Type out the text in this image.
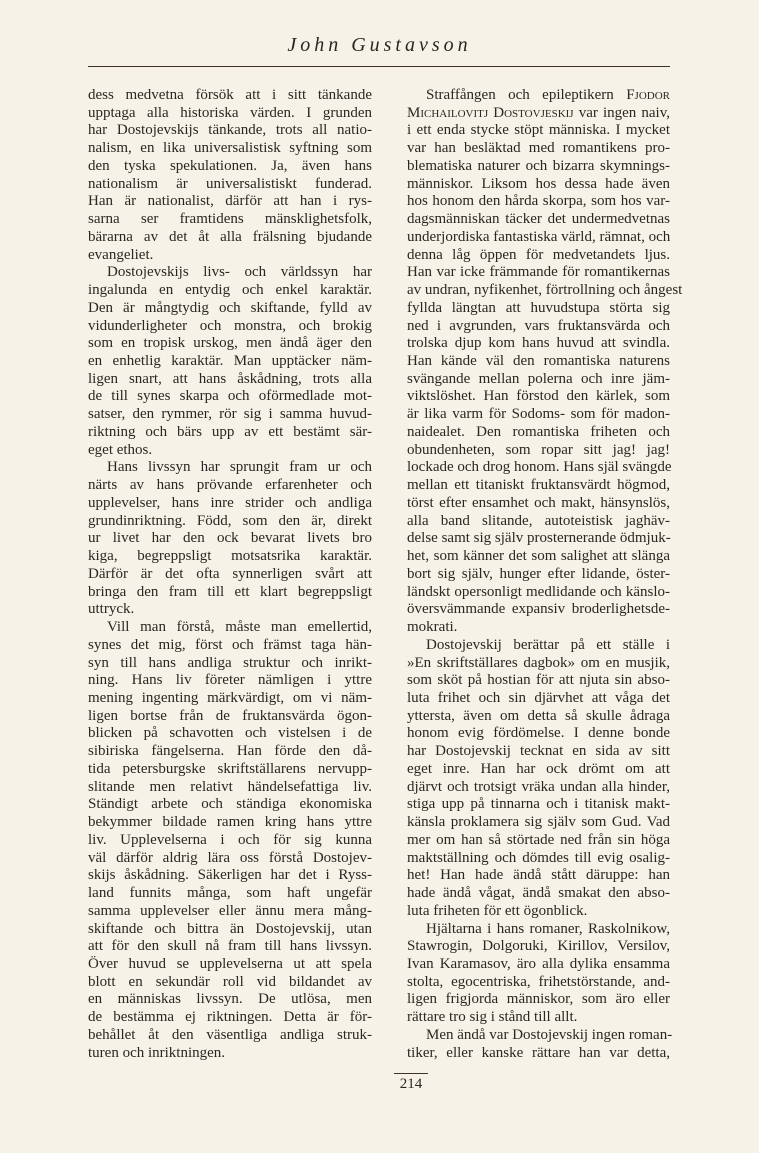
John Gustavson
dess medvetna försök att i sitt tänkande
upptaga alla historiska värden. I grunden
har Dostojevskijs tänkande, trots all natio-
nalism, en lika universalistisk syftning som
den tyska spekulationen. Ja, även hans
nationalism är universalistiskt funderad.
Han är nationalist, därför att han i rys-
sarna ser framtidens mänsklighetsfolk,
bärarna av det åt alla frälsning bjudande
evangeliet.
Dostojevskijs livs- och världssyn har
ingalunda en entydig och enkel karaktär.
Den är mångtydig och skiftande, fylld av
vidunderligheter och monstra, och brokig
som en tropisk urskog, men ändå äger den
en enhetlig karaktär. Man upptäcker näm-
ligen snart, att hans åskådning, trots alla
de till synes skarpa och oförmedlade mot-
satser, den rymmer, rör sig i samma huvud-
riktning och bärs upp av ett bestämt sär-
eget ethos.
Hans livssyn har sprungit fram ur och
närts av hans prövande erfarenheter och
upplevelser, hans inre strider och andliga
grundinriktning. Född, som den är, direkt
ur livet har den ock bevarat livets bro
kiga, begreppsligt motsatsrika karaktär.
Därför är det ofta synnerligen svårt att
bringa den fram till ett klart begreppsligt
uttryck.
Vill man förstå, måste man emellertid,
synes det mig, först och främst taga hän-
syn till hans andliga struktur och inrikt-
ning. Hans liv företer nämligen i yttre
mening ingenting märkvärdigt, om vi näm-
ligen bortse från de fruktansvärda ögon-
blicken på schavotten och vistelsen i de
sibiriska fängelserna. Han förde den då-
tida petersburgske skriftställarens nervupp-
slitande men relativt händelsefattiga liv.
Ständigt arbete och ständiga ekonomiska
bekymmer bildade ramen kring hans yttre
liv. Upplevelserna i och för sig kunna
väl därför aldrig lära oss förstå Dostojev-
skijs åskådning. Säkerligen har det i Ryss-
land funnits många, som haft ungefär
samma upplevelser eller ännu mera mång-
skiftande och bittra än Dostojevskij, utan
att för den skull nå fram till hans livssyn.
Över huvud se upplevelserna ut att spela
blott en sekundär roll vid bildandet av
en människas livssyn. De utlösa, men
de bestämma ej riktningen. Detta är för-
behållet åt den väsentliga andliga struk-
turen och inriktningen.
Straffången och epileptikern Fjodor
Michailovitj Dostovjeskij var ingen naiv,
i ett enda stycke stöpt människa. I mycket
var han besläktad med romantikens pro-
blematiska naturer och bizarra skymnings-
människor. Liksom hos dessa hade även
hos honom den hårda skorpa, som hos var-
dagsmänniskan täcker det undermedvetnas
underjordiska fantastiska värld, rämnat, och
denna låg öppen för medvetandets ljus.
Han var icke främmande för romantikernas
av undran, nyfikenhet, förtrollning och ångest
fyllda längtan att huvudstupa störta sig
ned i avgrunden, vars fruktansvärda och
trolska djup kom hans huvud att svindla.
Han kände väl den romantiska naturens
svängande mellan polerna och inre jäm-
viktslöshet. Han förstod den kärlek, som
är lika varm för Sodoms- som för madon-
naidealet. Den romantiska friheten och
obundenheten, som ropar sitt jag! jag!
lockade och drog honom. Hans själ svängde
mellan ett titaniskt fruktansvärdt högmod,
törst efter ensamhet och makt, hänsynslös,
alla band slitande, autoteistisk jaghäv-
delse samt sig själv prosternerande ödmjuk-
het, som känner det som salighet att slänga
bort sig själv, hunger efter lidande, öster-
ländskt opersonligt medlidande och känslo-
översvämmande expansiv broderlighetsde-
mokrati.
Dostojevskij berättar på ett ställe i
»En skriftställares dagbok» om en musjik,
som sköt på hostian för att njuta sin abso-
luta frihet och sin djärvhet att våga det
yttersta, även om detta så skulle ådraga
honom evig fördömelse. I denne bonde
har Dostojevskij tecknat en sida av sitt
eget inre. Han har ock drömt om att
djärvt och trotsigt vräka undan alla hinder,
stiga upp på tinnarna och i titanisk makt-
känsla proklamera sig själv som Gud. Vad
mer om han så störtade ned från sin höga
maktställning och dömdes till evig osalig-
het! Han hade ändå stått däruppe: han
hade ändå vågat, ändå smakat den abso-
luta friheten för ett ögonblick.
Hjältarna i hans romaner, Raskolnikow,
Stawrogin, Dolgoruki, Kirillov, Versilov,
Ivan Karamasov, äro alla dylika ensamma
stolta, egocentriska, frihetstörstande, and-
ligen frigjorda människor, som äro eller
rättare tro sig i stånd till allt.
Men ändå var Dostojevskij ingen roman-
tiker, eller kanske rättare han var detta,
214
